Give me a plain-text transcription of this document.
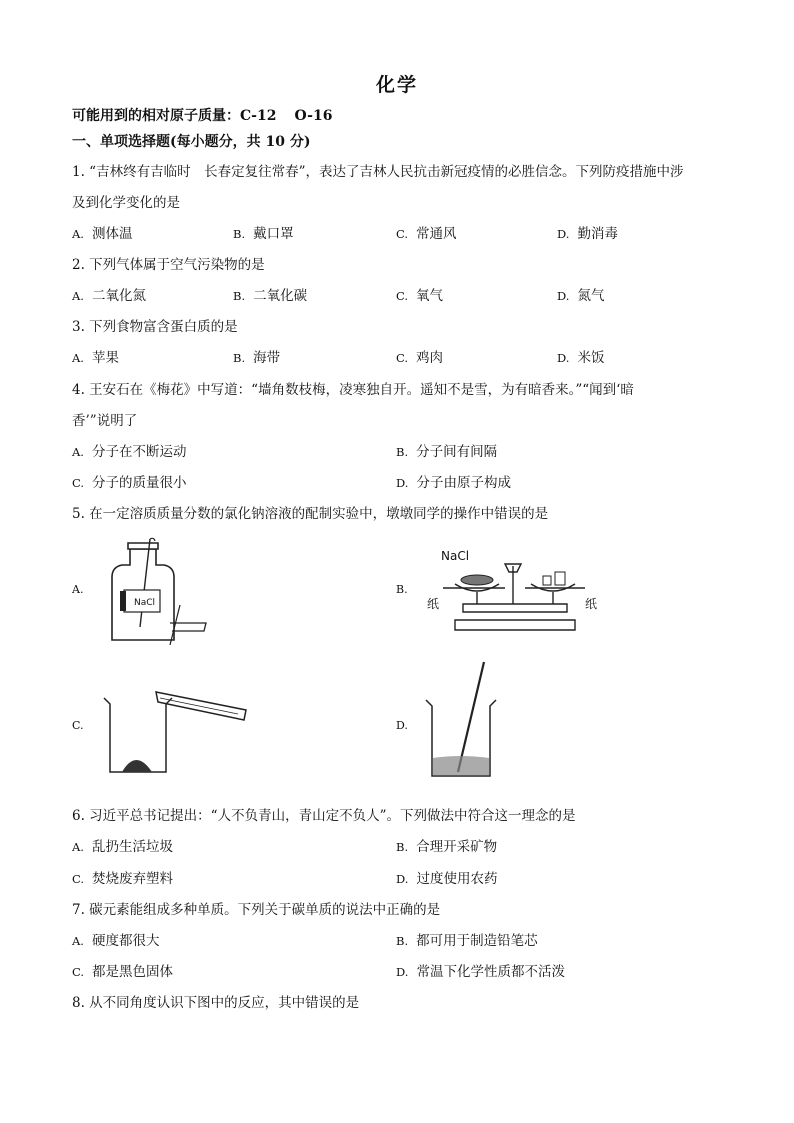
化学
可能用到的相对原子质量：C-12 O-16
一、单项选择题(每小题分，共 10 分)
1. “吉林终有吉临时　长春定复往常春”，表达了吉林人民抗击新冠疫情的必胜信念。下列防疫措施中涉
及到化学变化的是
A. 测体温	B. 戴口罩	C. 常通风	D. 勤消毒
2. 下列气体属于空气污染物的是
A. 二氧化氮	B. 二氧化碳	C. 氧气	D. 氮气
3. 下列食物富含蛋白质的是
A. 苹果	B. 海带	C. 鸡肉	D. 米饭
4. 王安石在《梅花》中写道：“墙角数枝梅，凌寒独自开。遥知不是雪，为有暗香来。”“闻到‘暗
香’”说明了
A. 分子在不断运动	B. 分子间有间隔
C. 分子的质量很小	D. 分子由原子构成
5. 在一定溶质质量分数的氯化钠溶液的配制实验中，墩墩同学的操作中错误的是
A.
NaCl
B.
NaCl
纸	纸
C.	D.
6. 习近平总书记提出：“人不负青山，青山定不负人”。下列做法中符合这一理念的是
A. 乱扔生活垃圾	B. 合理开采矿物
C. 焚烧废弃塑料	D. 过度使用农药
7. 碳元素能组成多种单质。下列关于碳单质的说法中正确的是
A. 硬度都很大	B. 都可用于制造铅笔芯
C. 都是黑色固体	D. 常温下化学性质都不活泼
8. 从不同角度认识下图中的反应，其中错误的是
